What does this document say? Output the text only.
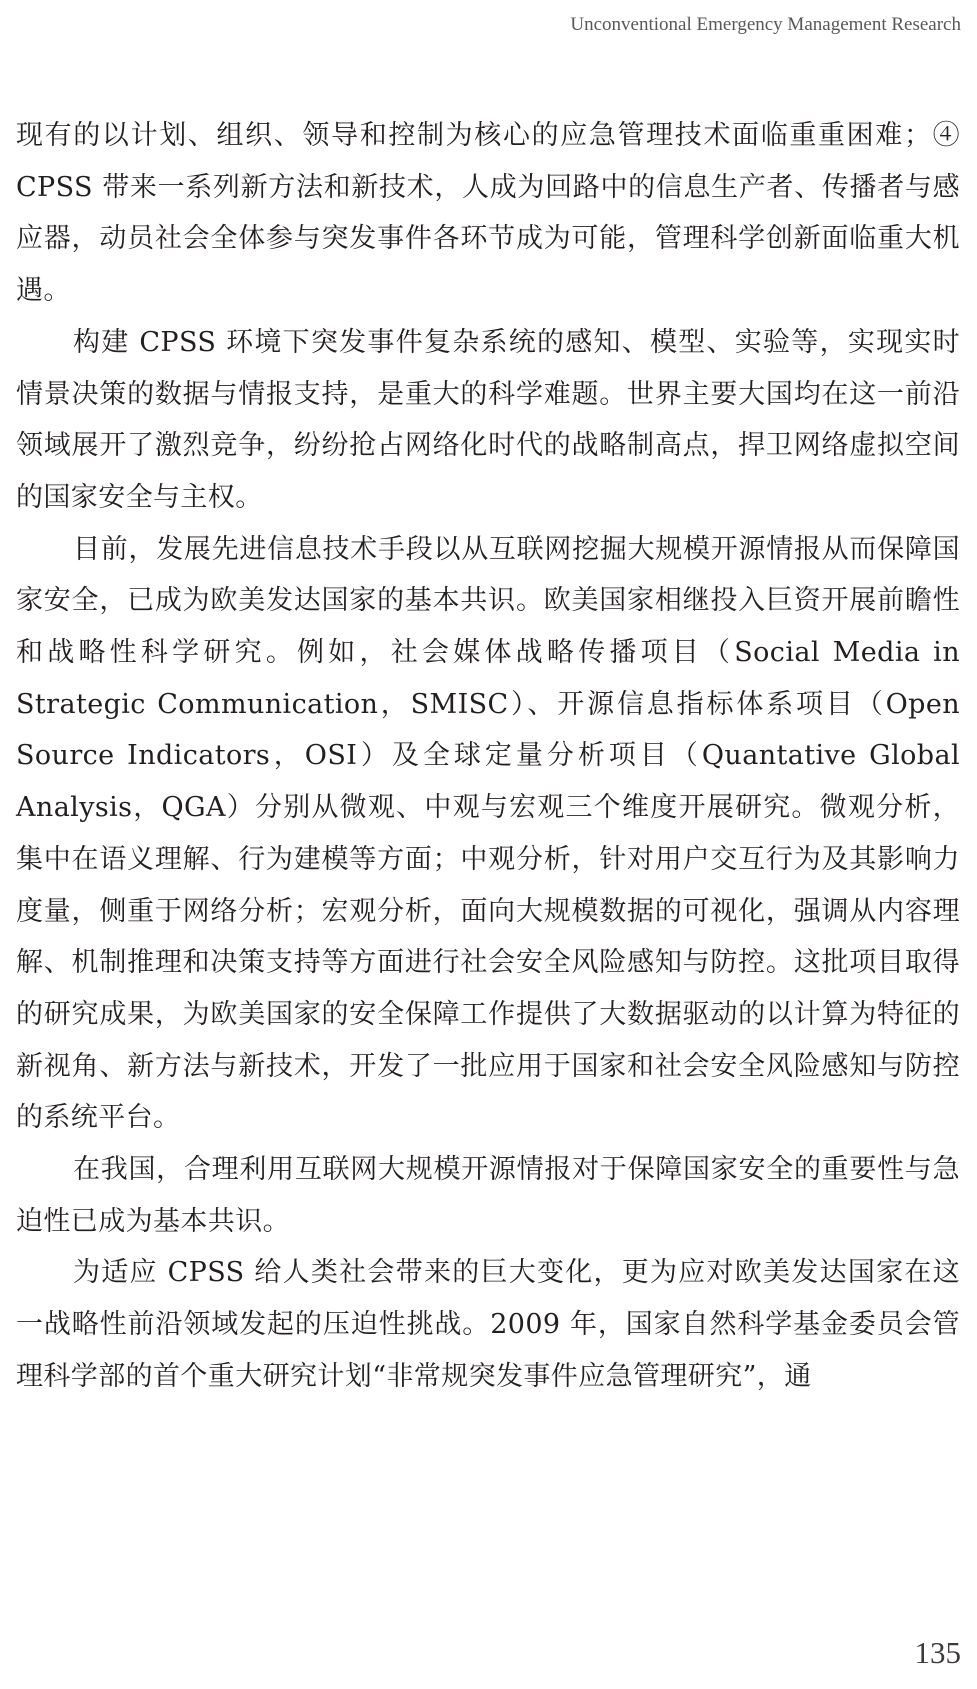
Unconventional Emergency Management Research

现有的以计划、组织、领导和控制为核心的应急管理技术面临重重困难；④ CPSS 带来一系列新方法和新技术，人成为回路中的信息生产者、传播者与感应器，动员社会全体参与突发事件各环节成为可能，管理科学创新面临重大机遇。

构建 CPSS 环境下突发事件复杂系统的感知、模型、实验等，实现实时情景决策的数据与情报支持，是重大的科学难题。世界主要大国均在这一前沿领域展开了激烈竞争，纷纷抢占网络化时代的战略制高点，捍卫网络虚拟空间的国家安全与主权。

目前，发展先进信息技术手段以从互联网挖掘大规模开源情报从而保障国家安全，已成为欧美发达国家的基本共识。欧美国家相继投入巨资开展前瞻性和战略性科学研究。例如，社会媒体战略传播项目（Social Media in Strategic Communication，SMISC）、开源信息指标体系项目（Open Source Indicators，OSI）及全球定量分析项目（Quantative Global Analysis，QGA）分别从微观、中观与宏观三个维度开展研究。微观分析，集中在语义理解、行为建模等方面；中观分析，针对用户交互行为及其影响力度量，侧重于网络分析；宏观分析，面向大规模数据的可视化，强调从内容理解、机制推理和决策支持等方面进行社会安全风险感知与防控。这批项目取得的研究成果，为欧美国家的安全保障工作提供了大数据驱动的以计算为特征的新视角、新方法与新技术，开发了一批应用于国家和社会安全风险感知与防控的系统平台。

在我国，合理利用互联网大规模开源情报对于保障国家安全的重要性与急迫性已成为基本共识。

为适应 CPSS 给人类社会带来的巨大变化，更为应对欧美发达国家在这一战略性前沿领域发起的压迫性挑战。2009 年，国家自然科学基金委员会管理科学部的首个重大研究计划“非常规突发事件应急管理研究”，通

135
